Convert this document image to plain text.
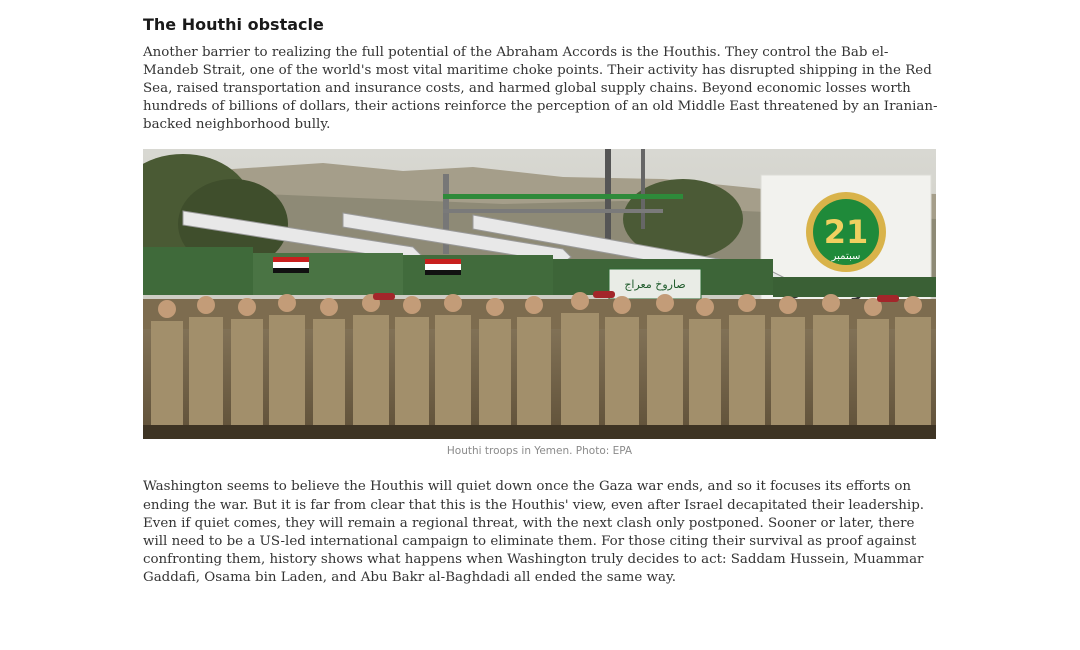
The Houthi obstacle

Another barrier to realizing the full potential of the Abraham Accords is the Houthis. They control the Bab el-Mandeb Strait, one of the world's most vital maritime choke points. Their activity has disrupted shipping in the Red Sea, raised transportation and insurance costs, and harmed global supply chains. Beyond economic losses worth hundreds of billions of dollars, their actions reinforce the perception of an old Middle East threatened by an Iranian-backed neighborhood bully.

21
سبتمبر
صاروخ معراج
Houthi troops in Yemen. Photo: EPA

Washington seems to believe the Houthis will quiet down once the Gaza war ends, and so it focuses its efforts on ending the war. But it is far from clear that this is the Houthis' view, even after Israel decapitated their leadership. Even if quiet comes, they will remain a regional threat, with the next clash only postponed. Sooner or later, there will need to be a US-led international campaign to eliminate them. For those citing their survival as proof against confronting them, history shows what happens when Washington truly decides to act: Saddam Hussein, Muammar Gaddafi, Osama bin Laden, and Abu Bakr al-Baghdadi all ended the same way.
